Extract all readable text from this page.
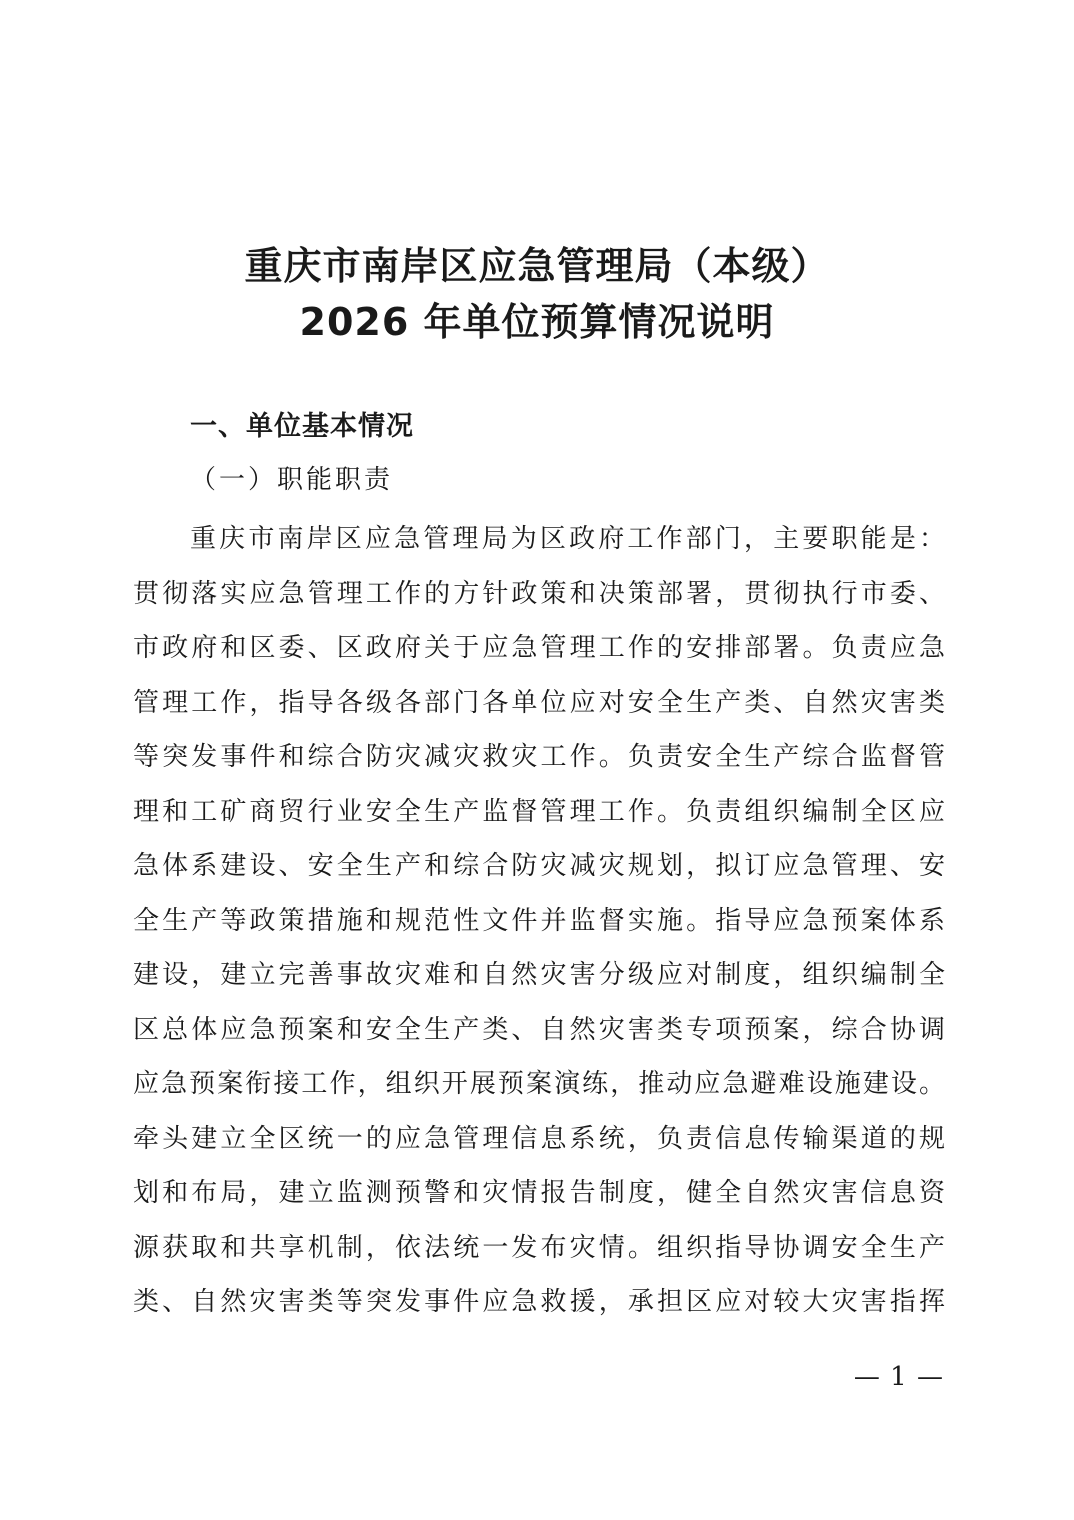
重庆市南岸区应急管理局（本级）
2026 年单位预算情况说明
一、单位基本情况
（一）职能职责
重庆市南岸区应急管理局为区政府工作部门，主要职能是：
贯彻落实应急管理工作的方针政策和决策部署，贯彻执行市委、
市政府和区委、区政府关于应急管理工作的安排部署。负责应急
管理工作，指导各级各部门各单位应对安全生产类、自然灾害类
等突发事件和综合防灾减灾救灾工作。负责安全生产综合监督管
理和工矿商贸行业安全生产监督管理工作。负责组织编制全区应
急体系建设、安全生产和综合防灾减灾规划，拟订应急管理、安
全生产等政策措施和规范性文件并监督实施。指导应急预案体系
建设，建立完善事故灾难和自然灾害分级应对制度，组织编制全
区总体应急预案和安全生产类、自然灾害类专项预案，综合协调
应急预案衔接工作，组织开展预案演练，推动应急避难设施建设。
牵头建立全区统一的应急管理信息系统，负责信息传输渠道的规
划和布局，建立监测预警和灾情报告制度，健全自然灾害信息资
源获取和共享机制，依法统一发布灾情。组织指导协调安全生产
类、自然灾害类等突发事件应急救援，承担区应对较大灾害指挥
— 1 —
